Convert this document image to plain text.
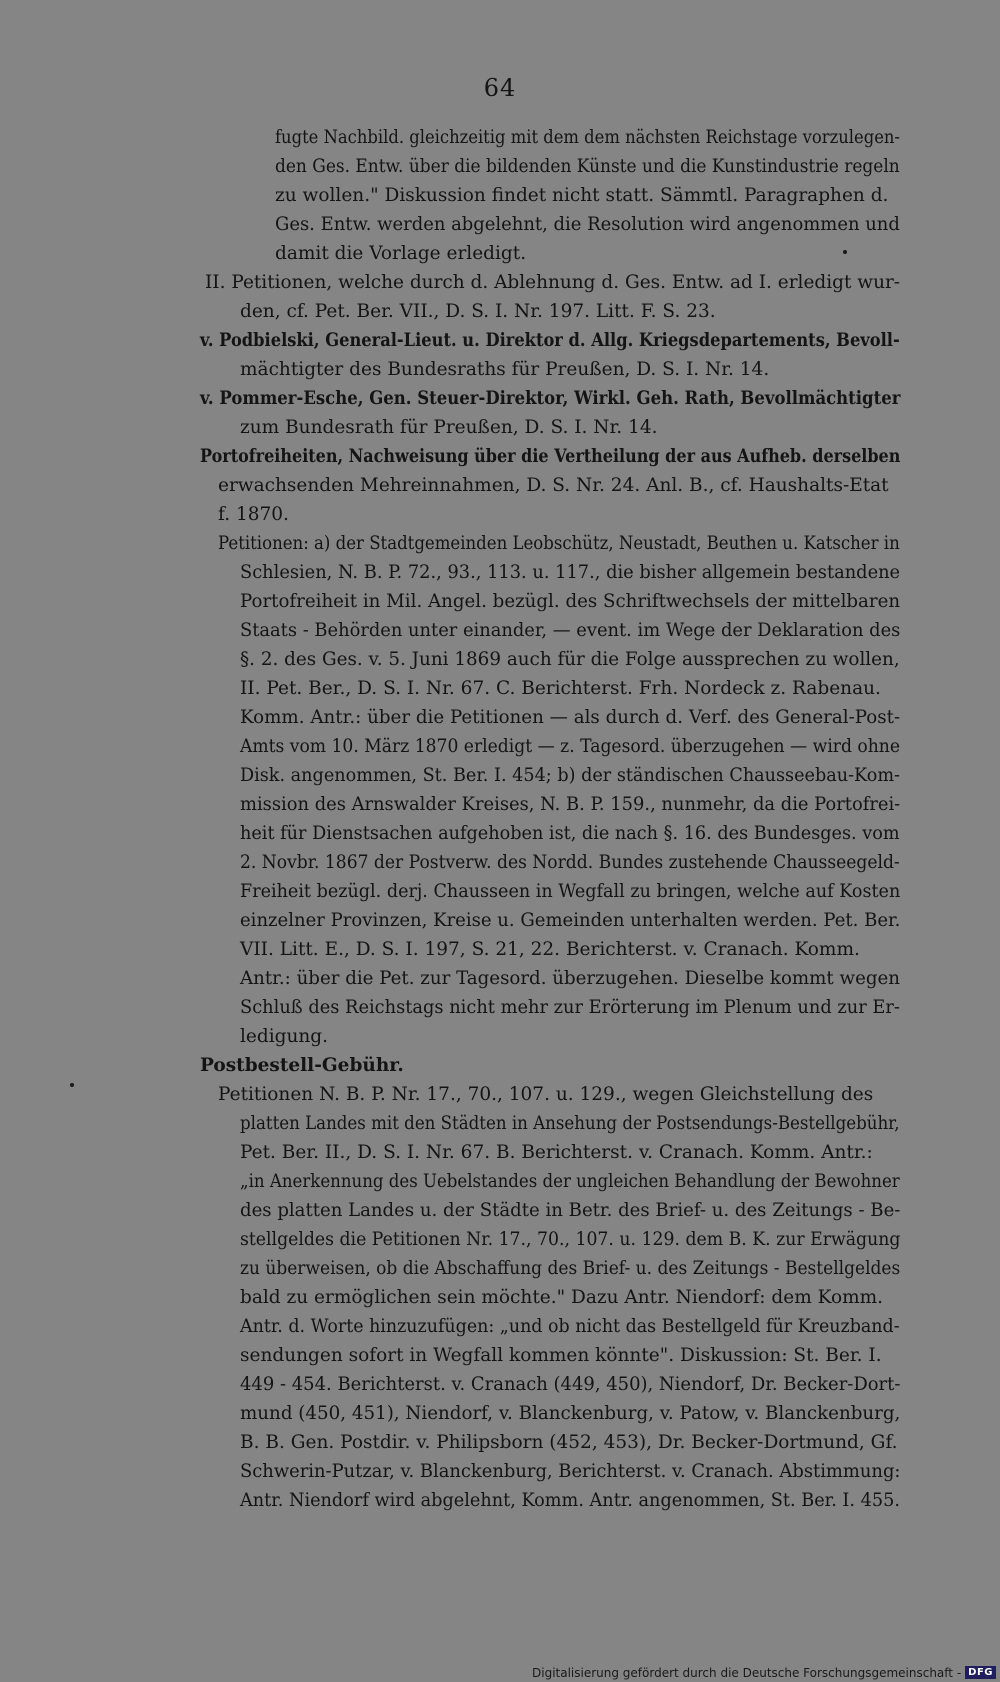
64
fugte Nachbild. gleichzeitig mit dem dem nächsten Reichstage vorzulegen-
den Ges. Entw. über die bildenden Künste und die Kunstindustrie regeln
zu wollen." Diskussion findet nicht statt. Sämmtl. Paragraphen d.
Ges. Entw. werden abgelehnt, die Resolution wird angenommen und
damit die Vorlage erledigt.
II. Petitionen, welche durch d. Ablehnung d. Ges. Entw. ad I. erledigt wur-
den, cf. Pet. Ber. VII., D. S. I. Nr. 197. Litt. F. S. 23.
v. Podbielski, General-Lieut. u. Direktor d. Allg. Kriegsdepartements, Bevoll-
mächtigter des Bundesraths für Preußen, D. S. I. Nr. 14.
v. Pommer-Esche, Gen. Steuer-Direktor, Wirkl. Geh. Rath, Bevollmächtigter
zum Bundesrath für Preußen, D. S. I. Nr. 14.
Portofreiheiten, Nachweisung über die Vertheilung der aus Aufheb. derselben
erwachsenden Mehreinnahmen, D. S. Nr. 24. Anl. B., cf. Haushalts-Etat
f. 1870.
Petitionen: a) der Stadtgemeinden Leobschütz, Neustadt, Beuthen u. Katscher in
Schlesien, N. B. P. 72., 93., 113. u. 117., die bisher allgemein bestandene
Portofreiheit in Mil. Angel. bezügl. des Schriftwechsels der mittelbaren
Staats - Behörden unter einander, — event. im Wege der Deklaration des
§. 2. des Ges. v. 5. Juni 1869 auch für die Folge aussprechen zu wollen,
II. Pet. Ber., D. S. I. Nr. 67. C. Berichterst. Frh. Nordeck z. Rabenau.
Komm. Antr.: über die Petitionen — als durch d. Verf. des General-Post-
Amts vom 10. März 1870 erledigt — z. Tagesord. überzugehen — wird ohne
Disk. angenommen, St. Ber. I. 454; b) der ständischen Chausseebau-Kom-
mission des Arnswalder Kreises, N. B. P. 159., nunmehr, da die Portofrei-
heit für Dienstsachen aufgehoben ist, die nach §. 16. des Bundesges. vom
2. Novbr. 1867 der Postverw. des Nordd. Bundes zustehende Chausseegeld-
Freiheit bezügl. derj. Chausseen in Wegfall zu bringen, welche auf Kosten
einzelner Provinzen, Kreise u. Gemeinden unterhalten werden. Pet. Ber.
VII. Litt. E., D. S. I. 197, S. 21, 22. Berichterst. v. Cranach. Komm.
Antr.: über die Pet. zur Tagesord. überzugehen. Dieselbe kommt wegen
Schluß des Reichstags nicht mehr zur Erörterung im Plenum und zur Er-
ledigung.
Postbestell-Gebühr.
Petitionen N. B. P. Nr. 17., 70., 107. u. 129., wegen Gleichstellung des
platten Landes mit den Städten in Ansehung der Postsendungs-Bestellgebühr,
Pet. Ber. II., D. S. I. Nr. 67. B. Berichterst. v. Cranach. Komm. Antr.:
„in Anerkennung des Uebelstandes der ungleichen Behandlung der Bewohner
des platten Landes u. der Städte in Betr. des Brief- u. des Zeitungs - Be-
stellgeldes die Petitionen Nr. 17., 70., 107. u. 129. dem B. K. zur Erwägung
zu überweisen, ob die Abschaffung des Brief- u. des Zeitungs - Bestellgeldes
bald zu ermöglichen sein möchte." Dazu Antr. Niendorf: dem Komm.
Antr. d. Worte hinzuzufügen: „und ob nicht das Bestellgeld für Kreuzband-
sendungen sofort in Wegfall kommen könnte". Diskussion: St. Ber. I.
449 - 454. Berichterst. v. Cranach (449, 450), Niendorf, Dr. Becker-Dort-
mund (450, 451), Niendorf, v. Blanckenburg, v. Patow, v. Blanckenburg,
B. B. Gen. Postdir. v. Philipsborn (452, 453), Dr. Becker-Dortmund, Gf.
Schwerin-Putzar, v. Blanckenburg, Berichterst. v. Cranach. Abstimmung:
Antr. Niendorf wird abgelehnt, Komm. Antr. angenommen, St. Ber. I. 455.
Digitalisierung gefördert durch die Deutsche Forschungsgemeinschaft - DFG
